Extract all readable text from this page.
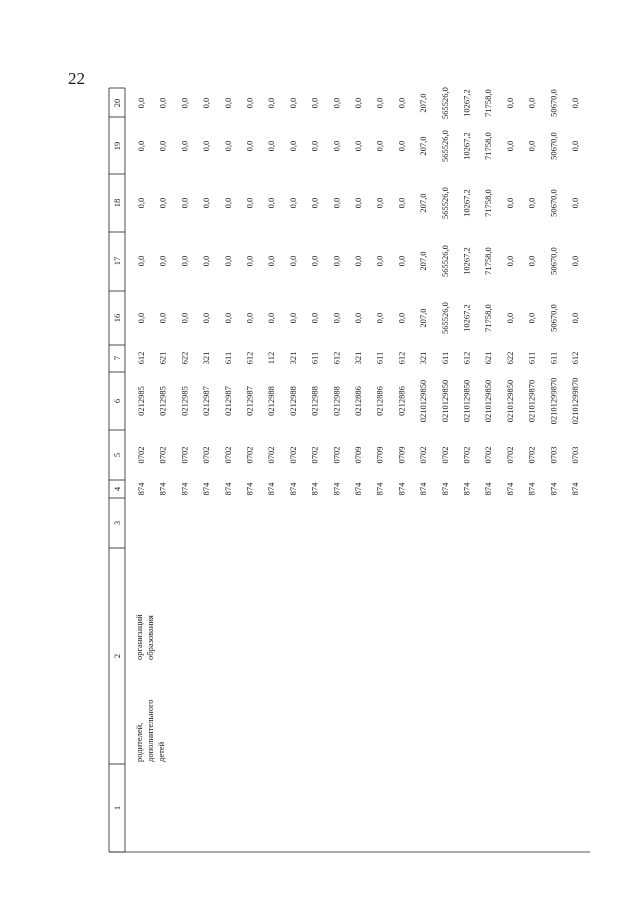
22
1
2
3
4
5
6
7
16
17
18
19
20
родителей, дополнительного детей
организаций образования
874
0702
0212985
612
0,0
0,0
0,0
0,0
0,0
874
0702
0212985
621
0,0
0,0
0,0
0,0
0,0
874
0702
0212985
622
0,0
0,0
0,0
0,0
0,0
874
0702
0212987
321
0,0
0,0
0,0
0,0
0,0
874
0702
0212987
611
0,0
0,0
0,0
0,0
0,0
874
0702
0212987
612
0,0
0,0
0,0
0,0
0,0
874
0702
0212988
112
0,0
0,0
0,0
0,0
0,0
874
0702
0212988
321
0,0
0,0
0,0
0,0
0,0
874
0702
0212988
611
0,0
0,0
0,0
0,0
0,0
874
0702
0212988
612
0,0
0,0
0,0
0,0
0,0
874
0709
0212886
321
0,0
0,0
0,0
0,0
0,0
874
0709
0212886
611
0,0
0,0
0,0
0,0
0,0
874
0709
0212886
612
0,0
0,0
0,0
0,0
0,0
874
0702
0210129850
321
207,0
207,0
207,0
207,0
207,0
874
0702
0210129850
611
565526,0
565526,0
565526,0
565526,0
565526,0
874
0702
0210129850
612
10267,2
10267,2
10267,2
10267,2
10267,2
874
0702
0210129850
621
71758,0
71758,0
71758,0
71758,0
71758,0
874
0702
0210129850
622
0,0
0,0
0,0
0,0
0,0
874
0702
0210129870
611
0,0
0,0
0,0
0,0
0,0
874
0703
02101299870
611
50670,0
50670,0
50670,0
50670,0
50670,0
874
0703
02101299870
612
0,0
0,0
0,0
0,0
0,0
